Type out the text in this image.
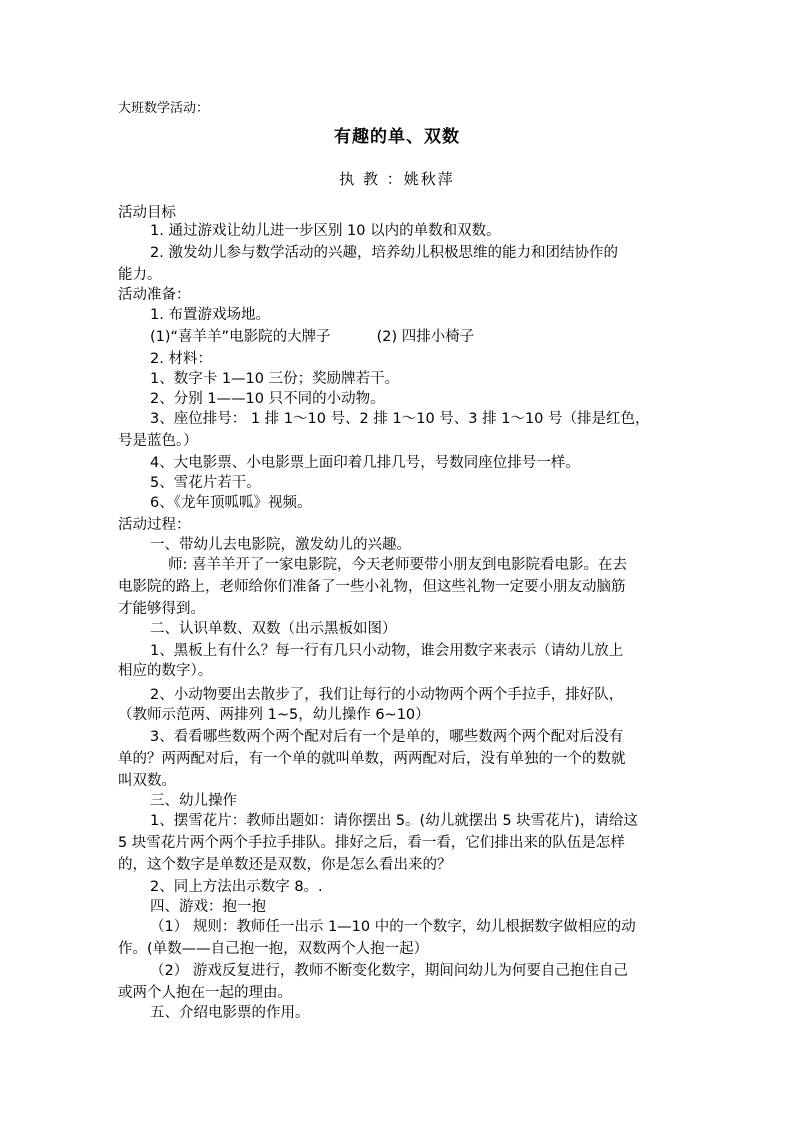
大班数学活动：
有趣的单、双数
执 教 ：姚秋萍
活动目标
1. 通过游戏让幼儿进一步区别 10 以内的单数和双数。
2. 激发幼儿参与数学活动的兴趣，培养幼儿积极思维的能力和团结协作的
能力。
活动准备：
1. 布置游戏场地。
(1)“喜羊羊”电影院的大牌子          (2) 四排小椅子
2. 材料：
1、数字卡 1—10 三份；奖励牌若干。
2、分别 1——10 只不同的小动物。
3、座位排号： 1 排 1～10 号、2 排 1～10 号、3 排 1～10 号（排是红色，
号是蓝色。）
4、大电影票、小电影票上面印着几排几号，号数同座位排号一样。
5、雪花片若干。
6、《龙年顶呱呱》视频。
活动过程：
一、带幼儿去电影院，激发幼儿的兴趣。
师: 喜羊羊开了一家电影院，今天老师要带小朋友到电影院看电影。在去
电影院的路上，老师给你们准备了一些小礼物，但这些礼物一定要小朋友动脑筋
才能够得到。
二、认识单数、双数（出示黑板如图）
1、黑板上有什么？每一行有几只小动物，谁会用数字来表示（请幼儿放上
相应的数字）。
2、小动物要出去散步了，我们让每行的小动物两个两个手拉手，排好队，
（教师示范两、两排列 1~5，幼儿操作 6~10）
3、看看哪些数两个两个配对后有一个是单的，哪些数两个两个配对后没有
单的？两两配对后，有一个单的就叫单数，两两配对后，没有单独的一个的数就
叫双数。
三、幼儿操作
1、摆雪花片：教师出题如：请你摆出 5。(幼儿就摆出 5 块雪花片)，请给这
5 块雪花片两个两个手拉手排队。排好之后，看一看，它们排出来的队伍是怎样
的，这个数字是单数还是双数，你是怎么看出来的？
2、同上方法出示数字 8。.
四、游戏：抱一抱
（1） 规则：教师任一出示 1—10 中的一个数字，幼儿根据数字做相应的动
作。(单数——自己抱一抱，双数两个人抱一起）
（2） 游戏反复进行，教师不断变化数字，期间问幼儿为何要自己抱住自己
或两个人抱在一起的理由。
五、介绍电影票的作用。
